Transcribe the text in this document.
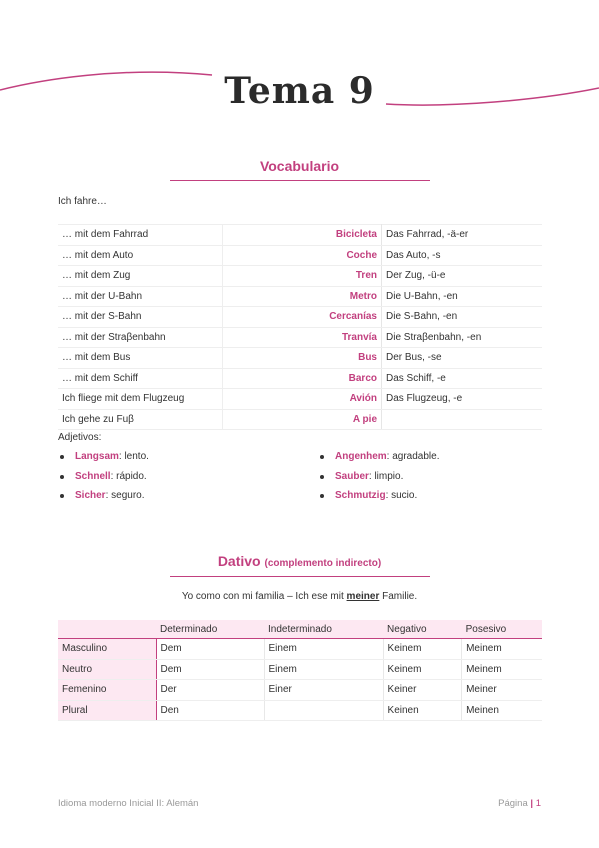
Tema 9
Vocabulario
Ich fahre…
… mit dem Fahrrad	Bicicleta	Das Fahrrad, -ä-er
… mit dem Auto	Coche	Das Auto, -s
… mit dem Zug	Tren	Der Zug, -ü-e
… mit der U-Bahn	Metro	Die U-Bahn, -en
… mit der S-Bahn	Cercanías	Die S-Bahn, -en
… mit der Straβenbahn	Tranvía	Die Straβenbahn, -en
… mit dem Bus	Bus	Der Bus, -se
… mit dem Schiff	Barco	Das Schiff, -e
Ich fliege mit dem Flugzeug	Avión	Das Flugzeug, -e
Ich gehe zu Fuβ	A pie	
Adjetivos:
Langsam: lento.
Schnell: rápido.
Sicher: seguro.
Angenhem: agradable.
Sauber: limpio.
Schmutzig: sucio.
Dativo (complemento indirecto)
Yo como con mi familia – Ich ese mit meiner Familie.
	Determinado	Indeterminado	Negativo	Posesivo
Masculino	Dem	Einem	Keinem	Meinem
Neutro	Dem	Einem	Keinem	Meinem
Femenino	Der	Einer	Keiner	Meiner
Plural	Den		Keinen	Meinen
Idioma moderno Inicial II: Alemán	Página | 1
